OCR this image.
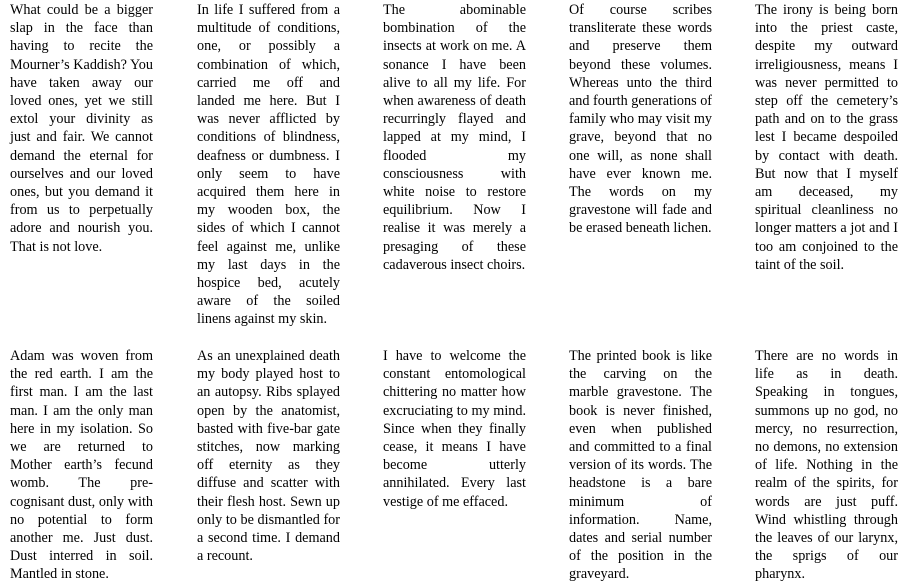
What could be a bigger slap in the face than having to recite the Mourner’s Kaddish? You have taken away our loved ones, yet we still extol your divinity as just and fair. We cannot demand the eternal for ourselves and our loved ones, but you demand it from us to perpetually adore and nourish you. That is not love.

In life I suffered from a multitude of conditions, one, or possibly a combination of which, carried me off and landed me here. But I was never afflicted by conditions of blindness, deafness or dumbness. I only seem to have acquired them here in my wooden box, the sides of which I cannot feel against me, unlike my last days in the hospice bed, acutely aware of the soiled linens against my skin.

The abominable bombination of the insects at work on me. A sonance I have been alive to all my life. For when awareness of death recurringly flayed and lapped at my mind, I flooded my consciousness with white noise to restore equilibrium. Now I realise it was merely a presaging of these cadaverous insect choirs.

Of course scribes transliterate these words and preserve them beyond these volumes. Whereas unto the third and fourth generations of family who may visit my grave, beyond that no one will, as none shall have ever known me. The words on my gravestone will fade and be erased beneath lichen.

The irony is being born into the priest caste, despite my outward irreligiousness, means I was never permitted to step off the cemetery’s path and on to the grass lest I became despoiled by contact with death. But now that I myself am deceased, my spiritual cleanliness no longer matters a jot and I too am conjoined to the taint of the soil.

Adam was woven from the red earth. I am the first man. I am the last man. I am the only man here in my isolation. So we are returned to Mother earth’s fecund womb. The pre-cognisant dust, only with no potential to form another me. Just dust. Dust interred in soil. Mantled in stone.

As an unexplained death my body played host to an autopsy. Ribs splayed open by the anatomist, basted with five-bar gate stitches, now marking off eternity as they diffuse and scatter with their flesh host. Sewn up only to be dismantled for a second time. I demand a recount.

I have to welcome the constant entomological chittering no matter how excruciating to my mind. Since when they finally cease, it means I have become utterly annihilated. Every last vestige of me effaced.

The printed book is like the carving on the marble gravestone. The book is never finished, even when published and committed to a final version of its words. The headstone is a bare minimum of information. Name, dates and serial number of the position in the graveyard.

There are no words in life as in death. Speaking in tongues, summons up no god, no mercy, no resurrection, no demons, no extension of life. Nothing in the realm of the spirits, for words are just puff. Wind whistling through the leaves of our larynx, the sprigs of our pharynx.
